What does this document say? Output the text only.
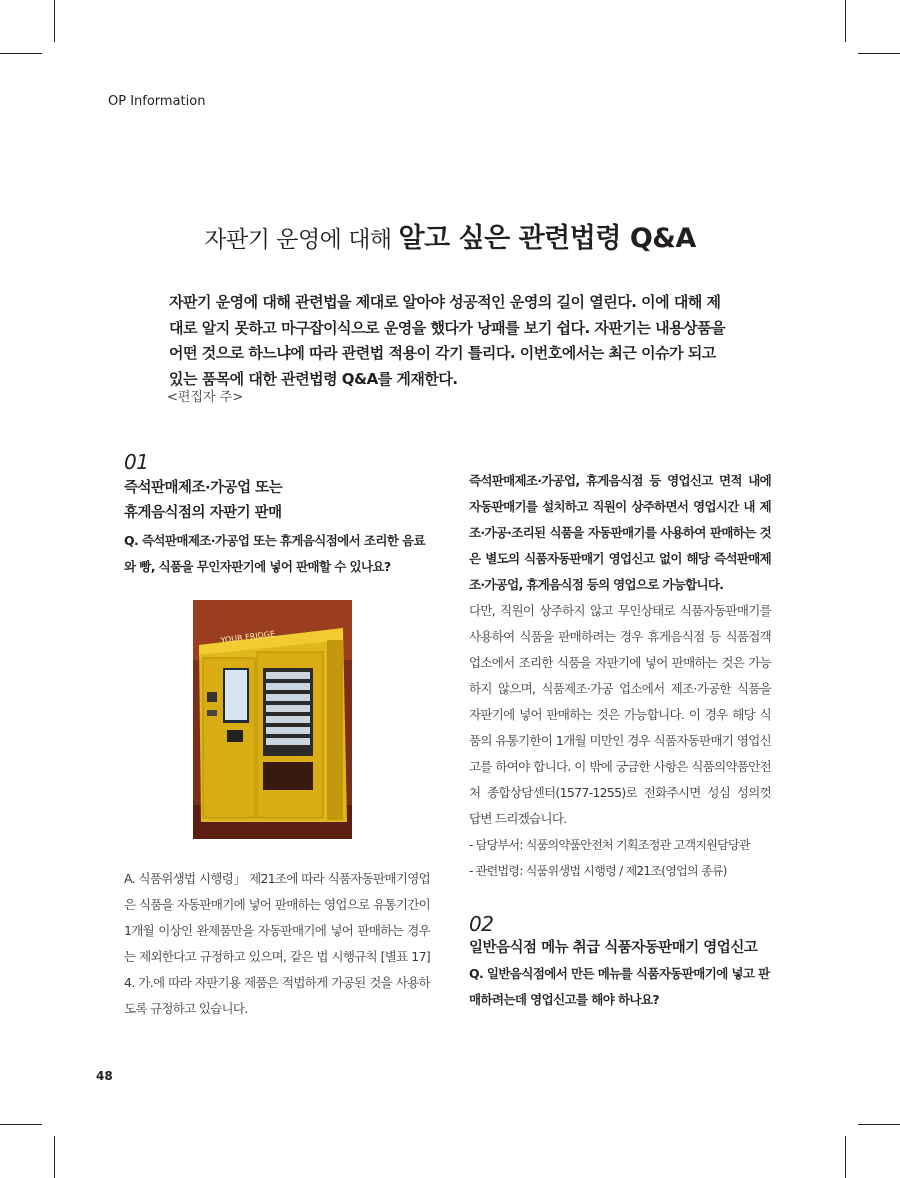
OP Information
자판기 운영에 대해 알고 싶은 관련법령 Q&A
자판기 운영에 대해 관련법을 제대로 알아야 성공적인 운영의 길이 열린다. 이에 대해 제대로 알지 못하고 마구잡이식으로 운영을 했다가 낭패를 보기 쉽다. 자판기는 내용상품을 어떤 것으로 하느냐에 따라 관련법 적용이 각기 틀리다. 이번호에서는 최근 이슈가 되고 있는 품목에 대한 관련법령 Q&A를 게재한다.
<편집자 주>
01
즉석판매제조·가공업 또는
휴게음식점의 자판기 판매
Q. 즉석판매제조·가공업 또는 휴게음식점에서 조리한 음료와 빵, 식품을 무인자판기에 넣어 판매할 수 있나요?
YOUR FRIDGE
A. 식품위생법 시행령」 제21조에 따라 식품자동판매기영업은 식품을 자동판매기에 넣어 판매하는 영업으로 유통기간이 1개월 이상인 완제품만을 자동판매기에 넣어 판매하는 경우는 제외한다고 규정하고 있으며, 같은 법 시행규칙 [별표 17] 4. 가.에 따라 자판기용 제품은 적법하게 가공된 것을 사용하도록 규정하고 있습니다.
즉석판매제조·가공업, 휴게음식점 등 영업신고 면적 내에 자동판매기를 설치하고 직원이 상주하면서 영업시간 내 제조·가공·조리된 식품을 자동판매기를 사용하여 판매하는 것은 별도의 식품자동판매기 영업신고 없이 해당 즉석판매제조·가공업, 휴게음식점 등의 영업으로 가능합니다.
다만, 직원이 상주하지 않고 무인상태로 식품자동판매기를 사용하여 식품을 판매하려는 경우 휴게음식점 등 식품접객업소에서 조리한 식품을 자판기에 넣어 판매하는 것은 가능하지 않으며, 식품제조·가공 업소에서 제조·가공한 식품을 자판기에 넣어 판매하는 것은 가능합니다. 이 경우 해당 식품의 유통기한이 1개월 미만인 경우 식품자동판매기 영업신고를 하여야 합니다. 이 밖에 궁금한 사항은 식품의약품안전처 종합상담센터(1577-1255)로 전화주시면 성심 성의껏 답변 드리겠습니다.
- 담당부서: 식품의약품안전처 기획조정관 고객지원담당관
- 관련법령: 식품위생법 시행령 / 제21조(영업의 종류)
02
일반음식점 메뉴 취급 식품자동판매기 영업신고
Q. 일반음식점에서 만든 메뉴를 식품자동판매기에 넣고 판매하려는데 영업신고를 해야 하나요?
48
